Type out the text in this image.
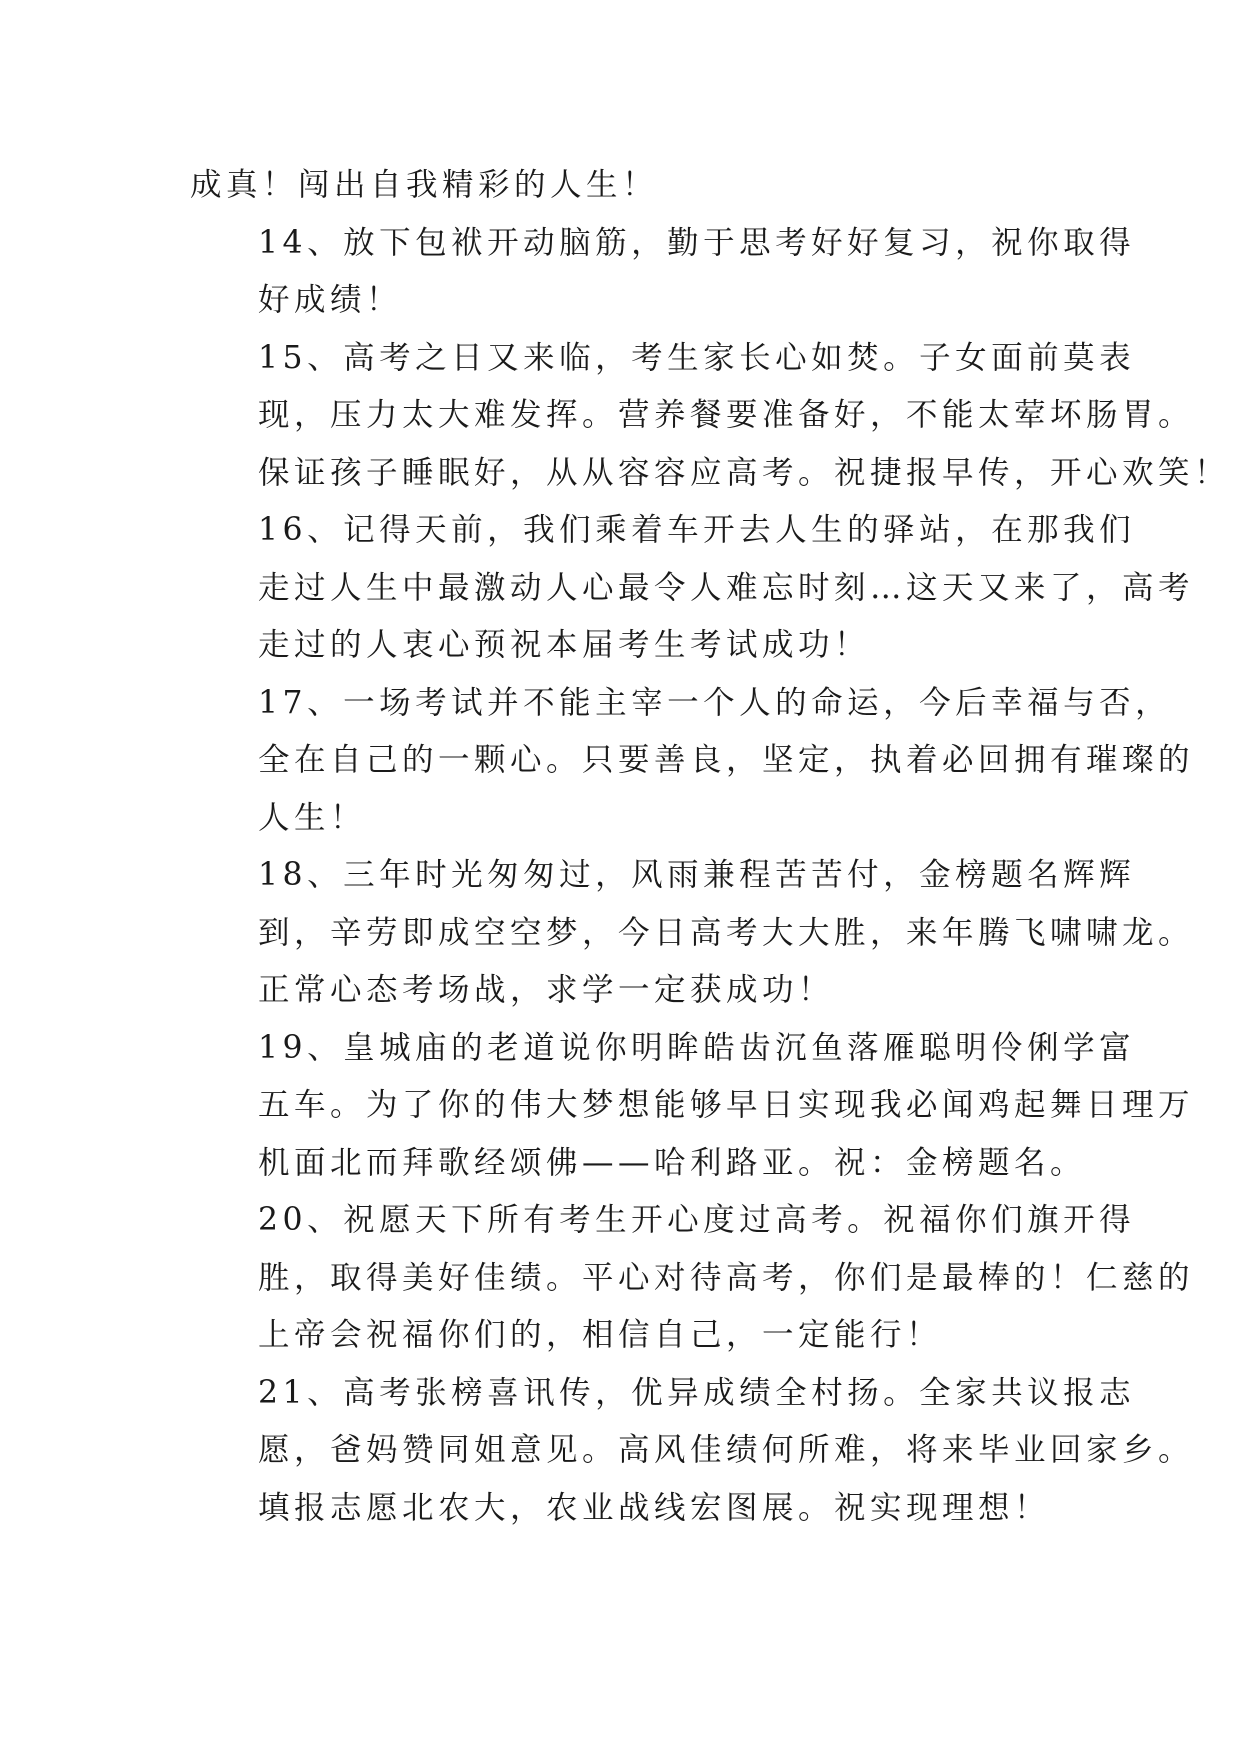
成真！闯出自我精彩的人生！

14、放下包袱开动脑筋，勤于思考好好复习，祝你取得
好成绩！

15、高考之日又来临，考生家长心如焚。子女面前莫表
现，压力太大难发挥。营养餐要准备好，不能太荤坏肠胃。
保证孩子睡眠好，从从容容应高考。祝捷报早传，开心欢笑！

16、记得天前，我们乘着车开去人生的驿站，在那我们
走过人生中最激动人心最令人难忘时刻…这天又来了，高考
走过的人衷心预祝本届考生考试成功！

17、一场考试并不能主宰一个人的命运，今后幸福与否，
全在自己的一颗心。只要善良，坚定，执着必回拥有璀璨的
人生！

18、三年时光匆匆过，风雨兼程苦苦付，金榜题名辉辉
到，辛劳即成空空梦，今日高考大大胜，来年腾飞啸啸龙。
正常心态考场战，求学一定获成功！

19、皇城庙的老道说你明眸皓齿沉鱼落雁聪明伶俐学富
五车。为了你的伟大梦想能够早日实现我必闻鸡起舞日理万
机面北而拜歌经颂佛——哈利路亚。祝：金榜题名。

20、祝愿天下所有考生开心度过高考。祝福你们旗开得
胜，取得美好佳绩。平心对待高考，你们是最棒的！仁慈的
上帝会祝福你们的，相信自己，一定能行！

21、高考张榜喜讯传，优异成绩全村扬。全家共议报志
愿，爸妈赞同姐意见。高风佳绩何所难，将来毕业回家乡。
填报志愿北农大，农业战线宏图展。祝实现理想！
